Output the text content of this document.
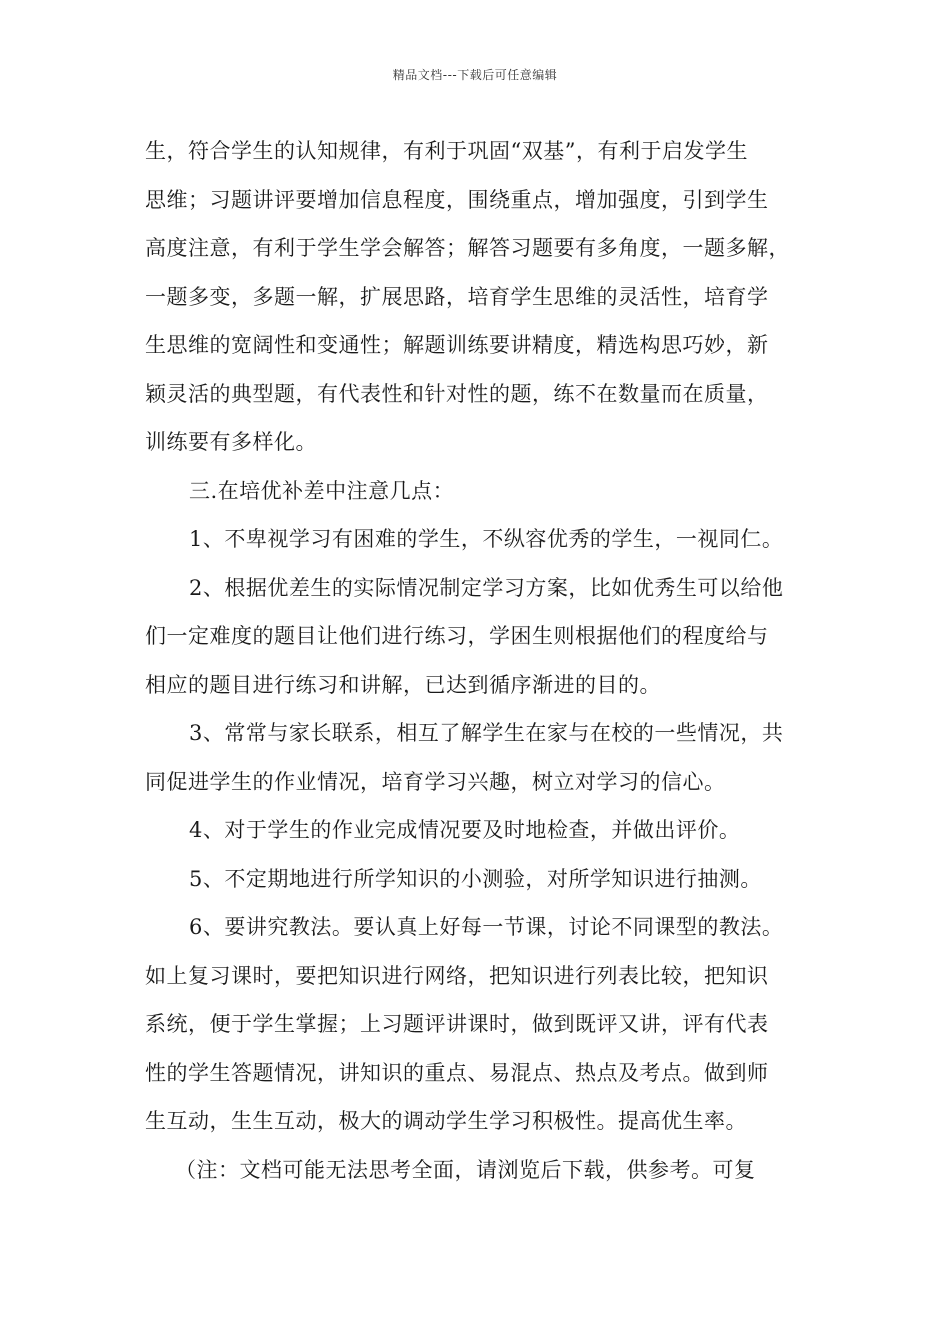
精品文档---下载后可任意编辑
生，符合学生的认知规律，有利于巩固“双基”，有利于启发学生
思维；习题讲评要增加信息程度，围绕重点，增加强度，引到学生
高度注意，有利于学生学会解答；解答习题要有多角度，一题多解，
一题多变，多题一解，扩展思路，培育学生思维的灵活性，培育学
生思维的宽阔性和变通性；解题训练要讲精度，精选构思巧妙，新
颖灵活的典型题，有代表性和针对性的题，练不在数量而在质量，
训练要有多样化。
三.在培优补差中注意几点：
1、不卑视学习有困难的学生，不纵容优秀的学生，一视同仁。
2、根据优差生的实际情况制定学习方案，比如优秀生可以给他
们一定难度的题目让他们进行练习，学困生则根据他们的程度给与
相应的题目进行练习和讲解，已达到循序渐进的目的。
3、常常与家长联系，相互了解学生在家与在校的一些情况，共
同促进学生的作业情况，培育学习兴趣，树立对学习的信心。
4、对于学生的作业完成情况要及时地检查，并做出评价。
5、不定期地进行所学知识的小测验，对所学知识进行抽测。
6、要讲究教法。要认真上好每一节课，讨论不同课型的教法。
如上复习课时，要把知识进行网络，把知识进行列表比较，把知识
系统，便于学生掌握；上习题评讲课时，做到既评又讲，评有代表
性的学生答题情况，讲知识的重点、易混点、热点及考点。做到师
生互动，生生互动，极大的调动学生学习积极性。提高优生率。
（注：文档可能无法思考全面，请浏览后下载，供参考。可复
